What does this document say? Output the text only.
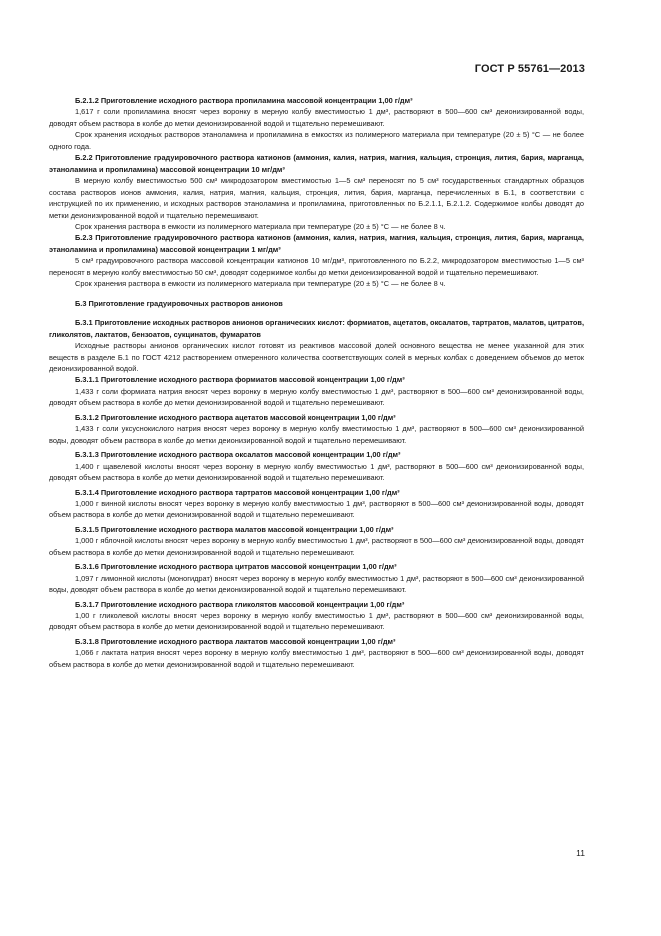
ГОСТ Р 55761—2013

Б.2.1.2 Приготовление исходного раствора пропиламина массовой концентрации 1,00 г/дм³

1,617 г соли пропиламина вносят через воронку в мерную колбу вместимостью 1 дм³, растворяют в 500—600 см³ деионизированной воды, доводят объем раствора в колбе до метки деионизированной водой и тщательно перемешивают.

Срок хранения исходных растворов этаноламина и пропиламина в емкостях из полимерного материала при температуре (20 ± 5) °С — не более одного года.

Б.2.2 Приготовление градуировочного раствора катионов (аммония, калия, натрия, магния, кальция, стронция, лития, бария, марганца, этаноламина и пропиламина) массовой концентрации 10 мг/дм³

В мерную колбу вместимостью 500 см³ микродозатором вместимостью 1—5 см³ переносят по 5 см³ государственных стандартных образцов состава растворов ионов аммония, калия, натрия, магния, кальция, стронция, лития, бария, марганца, перечисленных в Б.1, в соответствии с инструкцией по их применению, и исходных растворов этаноламина и пропиламина, приготовленных по Б.2.1.1, Б.2.1.2. Содержимое колбы доводят до метки деионизированной водой и тщательно перемешивают.

Срок хранения раствора в емкости из полимерного материала при температуре (20 ± 5) °С — не более 8 ч.

Б.2.3 Приготовление градуировочного раствора катионов (аммония, калия, натрия, магния, кальция, стронция, лития, бария, марганца, этаноламина и пропиламина) массовой концентрации 1 мг/дм³

5 см³ градуировочного раствора массовой концентрации катионов 10 мг/дм³, приготовленного по Б.2.2, микродозатором вместимостью 1—5 см³ переносят в мерную колбу вместимостью 50 см³, доводят содержимое колбы до метки деионизированной водой и тщательно перемешивают.

Срок хранения раствора в емкости из полимерного материала при температуре (20 ± 5) °С — не более 8 ч.

Б.3 Приготовление градуировочных растворов анионов

Б.3.1 Приготовление исходных растворов анионов органических кислот: формиатов, ацетатов, оксалатов, тартратов, малатов, цитратов, гликолятов, лактатов, бензоатов, сукцинатов, фумаратов

Исходные растворы анионов органических кислот готовят из реактивов массовой долей основного вещества не менее указанной для этих веществ в разделе Б.1 по ГОСТ 4212 растворением отмеренного количества соответствующих солей в мерных колбах с доведением объемов до меток деионизированной водой.

Б.3.1.1 Приготовление исходного раствора формиатов массовой концентрации 1,00 г/дм³

1,433 г соли формиата натрия вносят через воронку в мерную колбу вместимостью 1 дм³, растворяют в 500—600 см³ деионизированной воды, доводят объем раствора в колбе до метки деионизированной водой и тщательно перемешивают.

Б.3.1.2 Приготовление исходного раствора ацетатов массовой концентрации 1,00 г/дм³

1,433 г соли уксуснокислого натрия вносят через воронку в мерную колбу вместимостью 1 дм³, растворяют в 500—600 см³ деионизированной воды, доводят объем раствора в колбе до метки деионизированной водой и тщательно перемешивают.

Б.3.1.3 Приготовление исходного раствора оксалатов массовой концентрации 1,00 г/дм³

1,400 г щавелевой кислоты вносят через воронку в мерную колбу вместимостью 1 дм³, растворяют в 500—600 см³ деионизированной воды, доводят объем раствора в колбе до метки деионизированной водой и тщательно перемешивают.

Б.3.1.4 Приготовление исходного раствора тартратов массовой концентрации 1,00 г/дм³

1,000 г винной кислоты вносят через воронку в мерную колбу вместимостью 1 дм³, растворяют в 500—600 см³ деионизированной воды, доводят объем раствора в колбе до метки деионизированной водой и тщательно перемешивают.

Б.3.1.5 Приготовление исходного раствора малатов массовой концентрации 1,00 г/дм³

1,000 г яблочной кислоты вносят через воронку в мерную колбу вместимостью 1 дм³, растворяют в 500—600 см³ деионизированной воды, доводят объем раствора в колбе до метки деионизированной водой и тщательно перемешивают.

Б.3.1.6 Приготовление исходного раствора цитратов массовой концентрации 1,00 г/дм³

1,097 г лимонной кислоты (моногидрат) вносят через воронку в мерную колбу вместимостью 1 дм³, растворяют в 500—600 см³ деионизированной воды, доводят объем раствора в колбе до метки деионизированной водой и тщательно перемешивают.

Б.3.1.7 Приготовление исходного раствора гликолятов массовой концентрации 1,00 г/дм³

1,00 г гликолевой кислоты вносят через воронку в мерную колбу вместимостью 1 дм³, растворяют в 500—600 см³ деионизированной воды, доводят объем раствора в колбе до метки деионизированной водой и тщательно перемешивают.

Б.3.1.8 Приготовление исходного раствора лактатов массовой концентрации 1,00 г/дм³

1,066 г лактата натрия вносят через воронку в мерную колбу вместимостью 1 дм³, растворяют в 500—600 см³ деионизированной воды, доводят объем раствора в колбе до метки деионизированной водой и тщательно перемешивают.

11
